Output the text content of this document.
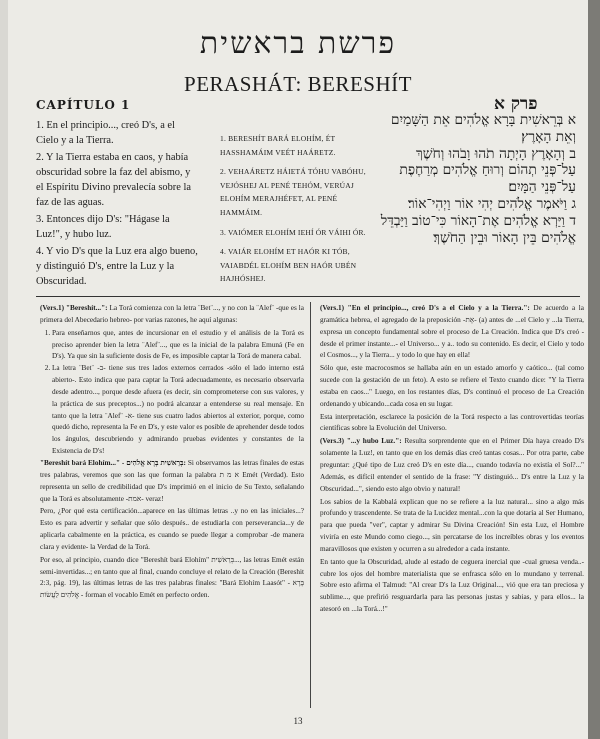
פרשת בראשית
PERASHÁT: BERESHÍT
CAPÍTULO 1	פרק א

1. En el principio..., creó D's, a el Cielo y a la Tierra.

2. Y la Tierra estaba en caos, y había obscuridad sobre la faz del abismo, y el Espíritu Divino prevalecía sobre la faz de las aguas.

3. Entonces dijo D's: "Hágase la Luz!", y hubo luz.

4. Y vio D's que la Luz era algo bueno, y distinguió D's, entre la Luz y la Obscuridad.

1. BERESHÍT BARÁ ELOHÍM, ÉT HASSHAMÁIM VEÉT HAÁRETZ.

2. VEHAÁRETZ HÁIETÁ TÓHU VABÓHU, VEJÓSHEJ AL PENÉ TEHÓM, VERÚAJ ELOHÍM MERAJHÉFET, AL PENÉ HAMMÁIM.

3. VAIÓMER ELOHÍM IEHÍ ÓR VÁIHI ÓR.

4. VAIÁR ELOHÍM ET HAÓR KI TÓB, VAIABDÉL ELOHÍM BEN HAÓR UBÉN HAJHÓSHEJ.

א בְּרֵאשִׁית בָּרָא אֱלֹהִים אֵת הַשָּׁמַיִם וְאֵת הָאָרֶץ׃

ב וְהָאָרֶץ הָיְתָה תֹהוּ וָבֹהוּ וְחֹשֶׁךְ עַל־פְּנֵי תְהוֹם וְרוּחַ אֱלֹהִים מְרַחֶפֶת עַל־פְּנֵי הַמָּיִם׃

ג וַיֹּאמֶר אֱלֹהִים יְהִי אוֹר וַיְהִי־אוֹר׃

ד וַיַּרְא אֱלֹהִים אֶת־הָאוֹר כִּי־טוֹב וַיַּבְדֵּל אֱלֹהִים בֵּין הָאוֹר וּבֵין הַחֹשֶׁךְ׃

(Vers.1) "Bereshít...": La Torá comienza con la letra ¨Bet¨..., y no con la ¨Alef¨ -que es la primera del Abecedario hebreo- por varias razones, he aquí algunas:

1. Para enseñarnos que, antes de incursionar en el estudio y el análisis de la Torá es preciso aprender bien la letra ¨Alef¨..., que es la inicial de la palabra Emuná (Fe en D's). Ya que sin la suficiente dosis de Fe, es imposible captar la Torá de manera cabal.
2. La letra ¨Bet¨ -ב- tiene sus tres lados externos cerrados -sólo el lado interno está abierto-. Esto indica que para captar la Torá adecuadamente, es necesario observarla desde adentro..., porque desde afuera (es decir, sin comprometerse con sus valores, y la práctica de sus preceptos...) no podrá alcanzar a entenderse su real mensaje. En tanto que la letra ¨Alef¨ -א- tiene sus cuatro lados abiertos al exterior, porque, como quedó dicho, representa la Fe en D's, y este valor es posible de aprehender desde todos los ángulos, descubriendo y admirando pruebas evidentes y constantes de la Existencia de D's!

"Bereshít bará Elohím..." - בְּרֵאשִׁית בָּרָא אֱלֹהִים: Si observamos las letras finales de estas tres palabras, veremos que son las que forman la palabra א מ ת Emét (Verdad). Esto representa un sello de credibilidad que D's imprimió en el inicio de Su Texto, señalando que la Torá es absolutamente -אמת- veraz!

Pero, ¿Por qué esta certificación...aparece en las últimas letras ..y no en las iniciales...? Esto es para advertir y señalar que sólo después.. de estudiarla con perseverancia...y de aplicarla cabalmente en la práctica, es cuando se puede llegar a comprobar -de manera clara y evidente- la Verdad de la Torá.

Por eso, al principio, cuando dice "Bereshít bará Elohím" בְּרֵאשִׁית..., las letras Emét están semi-invertidas...; en tanto que al final, cuando concluye el relato de la Creación (Bereshit 2:3, pág. 19), las últimas letras de las tres palabras finales: "Bará Elohím Laasót" - בָּרָא אֱלֹהִים לַעֲשׂוֹת - forman el vocablo Emét en perfecto orden.

(Vers.1) "En el principio..., creó D's a el Cielo y a la Tierra.": De acuerdo a la gramática hebrea, el agregado de la preposición -אֶת- (a) antes de ...el Cielo y ...la Tierra, expresa un concepto fundamental sobre el proceso de La Creación. Indica que D's creó -desde el primer instante...- el Universo... y a.. todo su contenido. Es decir, el Cielo y todo el Cosmos..., y la Tierra... y todo lo que hay en ella!

Sólo que, este macrocosmos se hallaba aún en un estado amorfo y caótico... (tal como sucede con la gestación de un feto). A esto se refiere el Texto cuando dice: "Y la Tierra estaba en caos..." Luego, en los restantes días, D's continuó el proceso de La Creación ordenando y ubicando...cada cosa en su lugar.

Esta interpretación, esclarece la posición de la Torá respecto a las controvertidas teorías científicas sobre la Evolución del Universo.

(Vers.3) "...y hubo Luz.": Resulta sorprendente que en el Primer Día haya creado D's solamente la Luz!, en tanto que en los demás días creó tantas cosas... Por otra parte, cabe preguntar: ¿Qué tipo de Luz creó D's en este día..., cuando todavía no existía el Sol?..." Además, es difícil entender el sentido de la frase: "Y distinguió... D's entre la Luz y la Obscuridad...", siendo esto algo obvio y natural!

Los sabios de la Kabbalá explican que no se refiere a la luz natural... sino a algo más profundo y trascendente. Se trata de la Lucidez mental...con la que dotaría al Ser Humano, para que pueda "ver", captar y admirar Su Divina Creación! Sin esta Luz, el Hombre viviría en este Mundo como ciego..., sin percatarse de los increíbles obras y los eventos maravillosos que existen y ocurren a su alrededor a cada instante.

En tanto que la Obscuridad, alude al estado de ceguera inercial que -cual gruesa venda..- cubre los ojos del hombre materialista que se enfrasca sólo en lo mundano y terrenal. Sobre esto afirma el Talmud: "Al crear D's la Luz Original..., vió que era tan preciosa y sublime..., que prefirió resguardarla para las personas justas y sabias, y para ellos... la atesoró en ...la Torá...!"

13
